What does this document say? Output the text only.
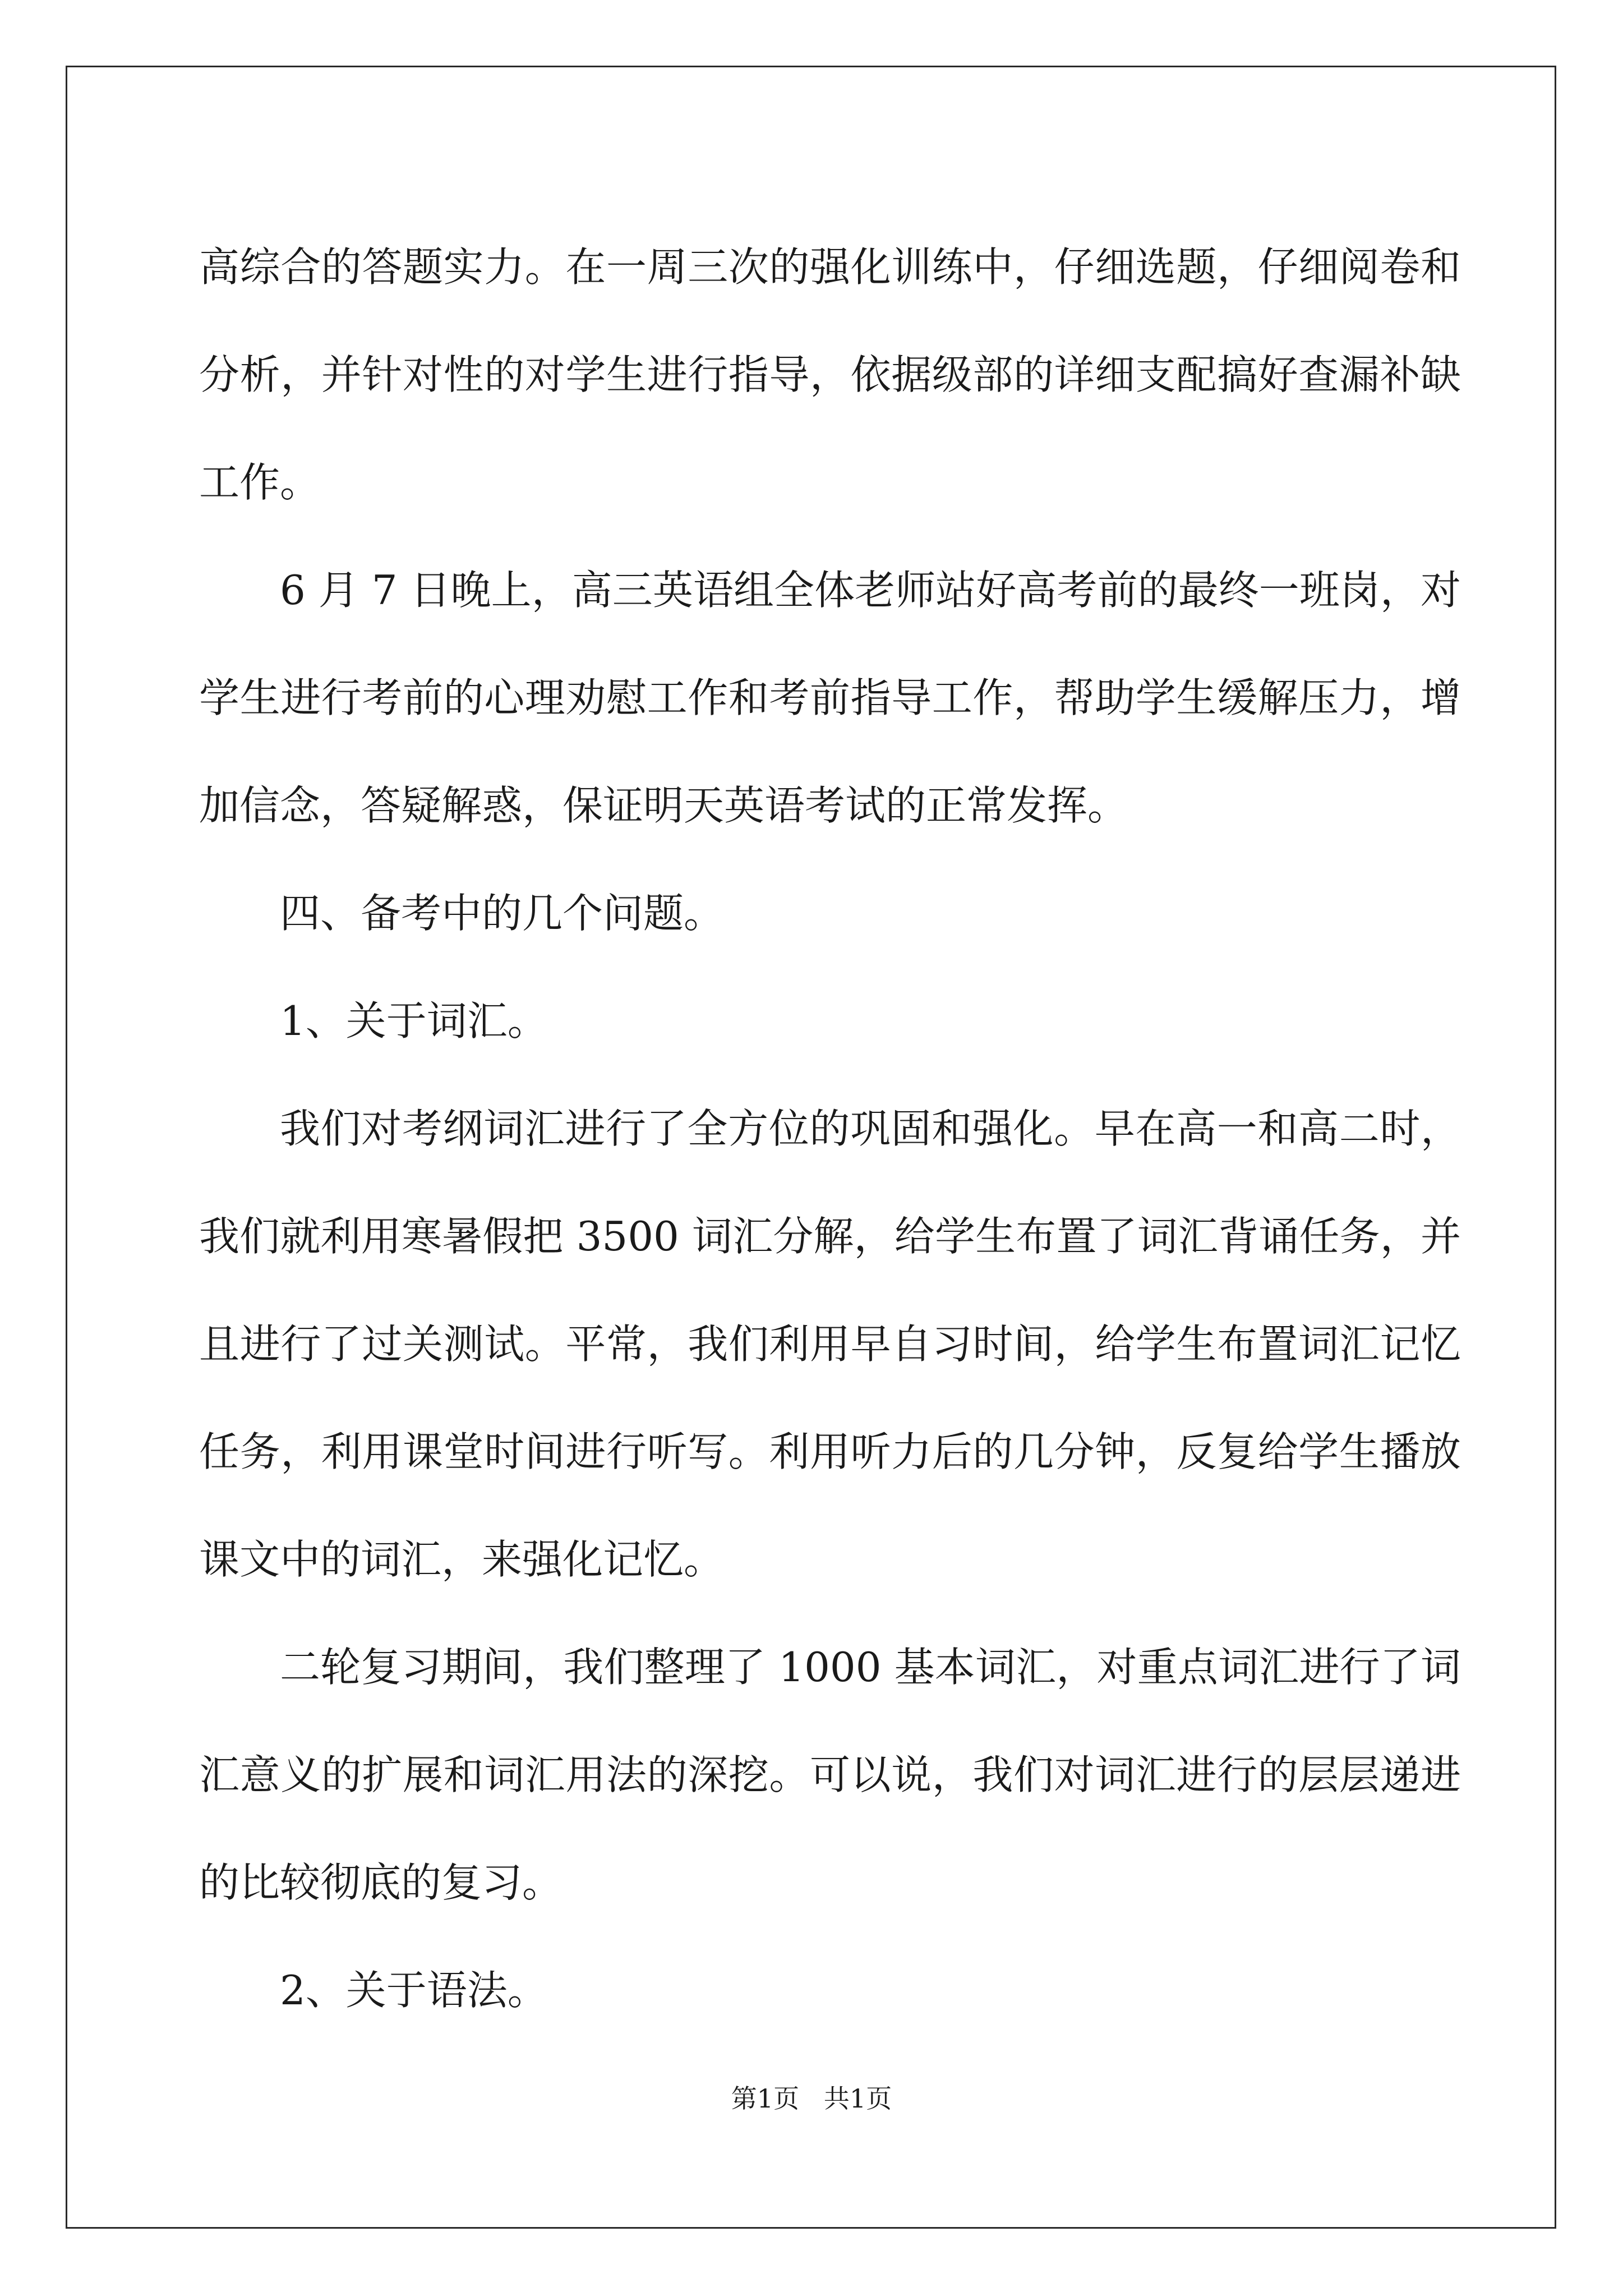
高综合的答题实力。在一周三次的强化训练中，仔细选题，仔细阅卷和分析，并针对性的对学生进行指导，依据级部的详细支配搞好查漏补缺工作。

6 月 7 日晚上，高三英语组全体老师站好高考前的最终一班岗，对学生进行考前的心理劝慰工作和考前指导工作，帮助学生缓解压力，增加信念，答疑解惑，保证明天英语考试的正常发挥。

四、备考中的几个问题。

1、关于词汇。

我们对考纲词汇进行了全方位的巩固和强化。早在高一和高二时，我们就利用寒暑假把 3500 词汇分解，给学生布置了词汇背诵任务，并且进行了过关测试。平常，我们利用早自习时间，给学生布置词汇记忆任务，利用课堂时间进行听写。利用听力后的几分钟，反复给学生播放课文中的词汇，来强化记忆。

二轮复习期间，我们整理了 1000 基本词汇，对重点词汇进行了词汇意义的扩展和词汇用法的深挖。可以说，我们对词汇进行的层层递进的比较彻底的复习。

2、关于语法。

第1页   共1页
